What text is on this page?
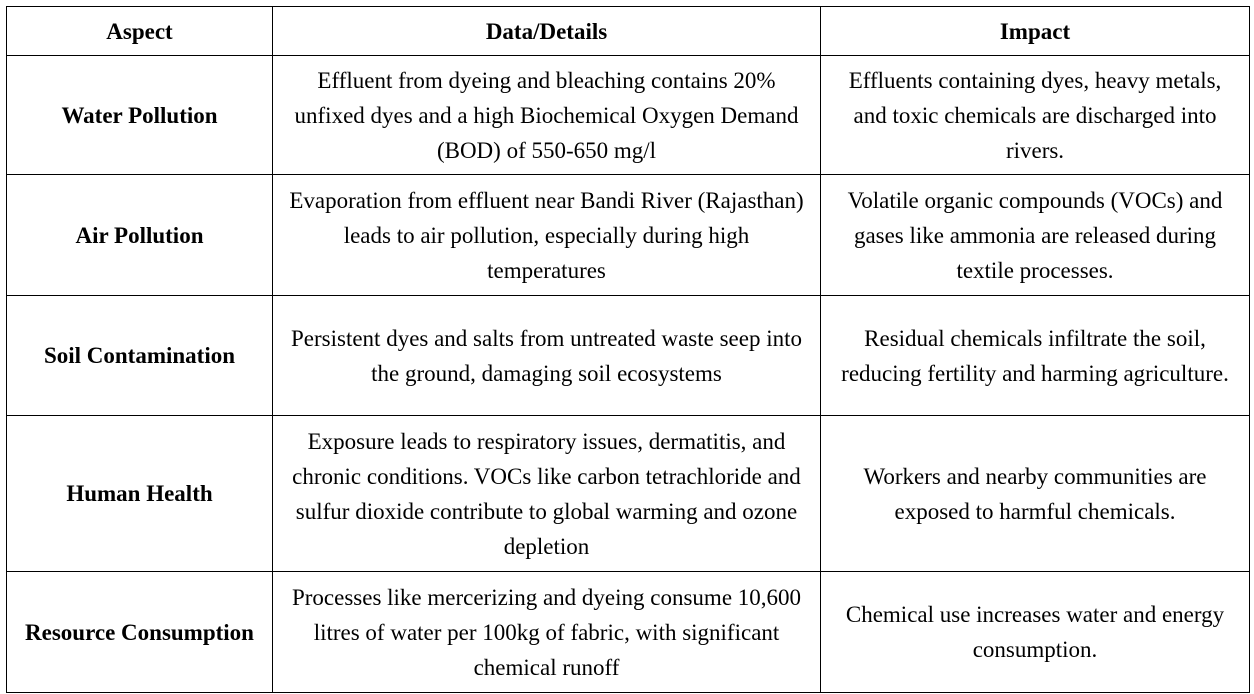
Aspect	Data/Details	Impact
Water Pollution	Effluent from dyeing and bleaching contains 20% unfixed dyes and a high Biochemical Oxygen Demand (BOD) of 550-650 mg/l	Effluents containing dyes, heavy metals, and toxic chemicals are discharged into rivers.
Air Pollution	Evaporation from effluent near Bandi River (Rajasthan) leads to air pollution, especially during high temperatures	Volatile organic compounds (VOCs) and gases like ammonia are released during textile processes.
Soil Contamination	Persistent dyes and salts from untreated waste seep into the ground, damaging soil ecosystems	Residual chemicals infiltrate the soil, reducing fertility and harming agriculture.
Human Health	Exposure leads to respiratory issues, dermatitis, and chronic conditions. VOCs like carbon tetrachloride and sulfur dioxide contribute to global warming and ozone depletion	Workers and nearby communities are exposed to harmful chemicals.
Resource Consumption	Processes like mercerizing and dyeing consume 10,600 litres of water per 100kg of fabric, with significant chemical runoff	Chemical use increases water and energy consumption.
